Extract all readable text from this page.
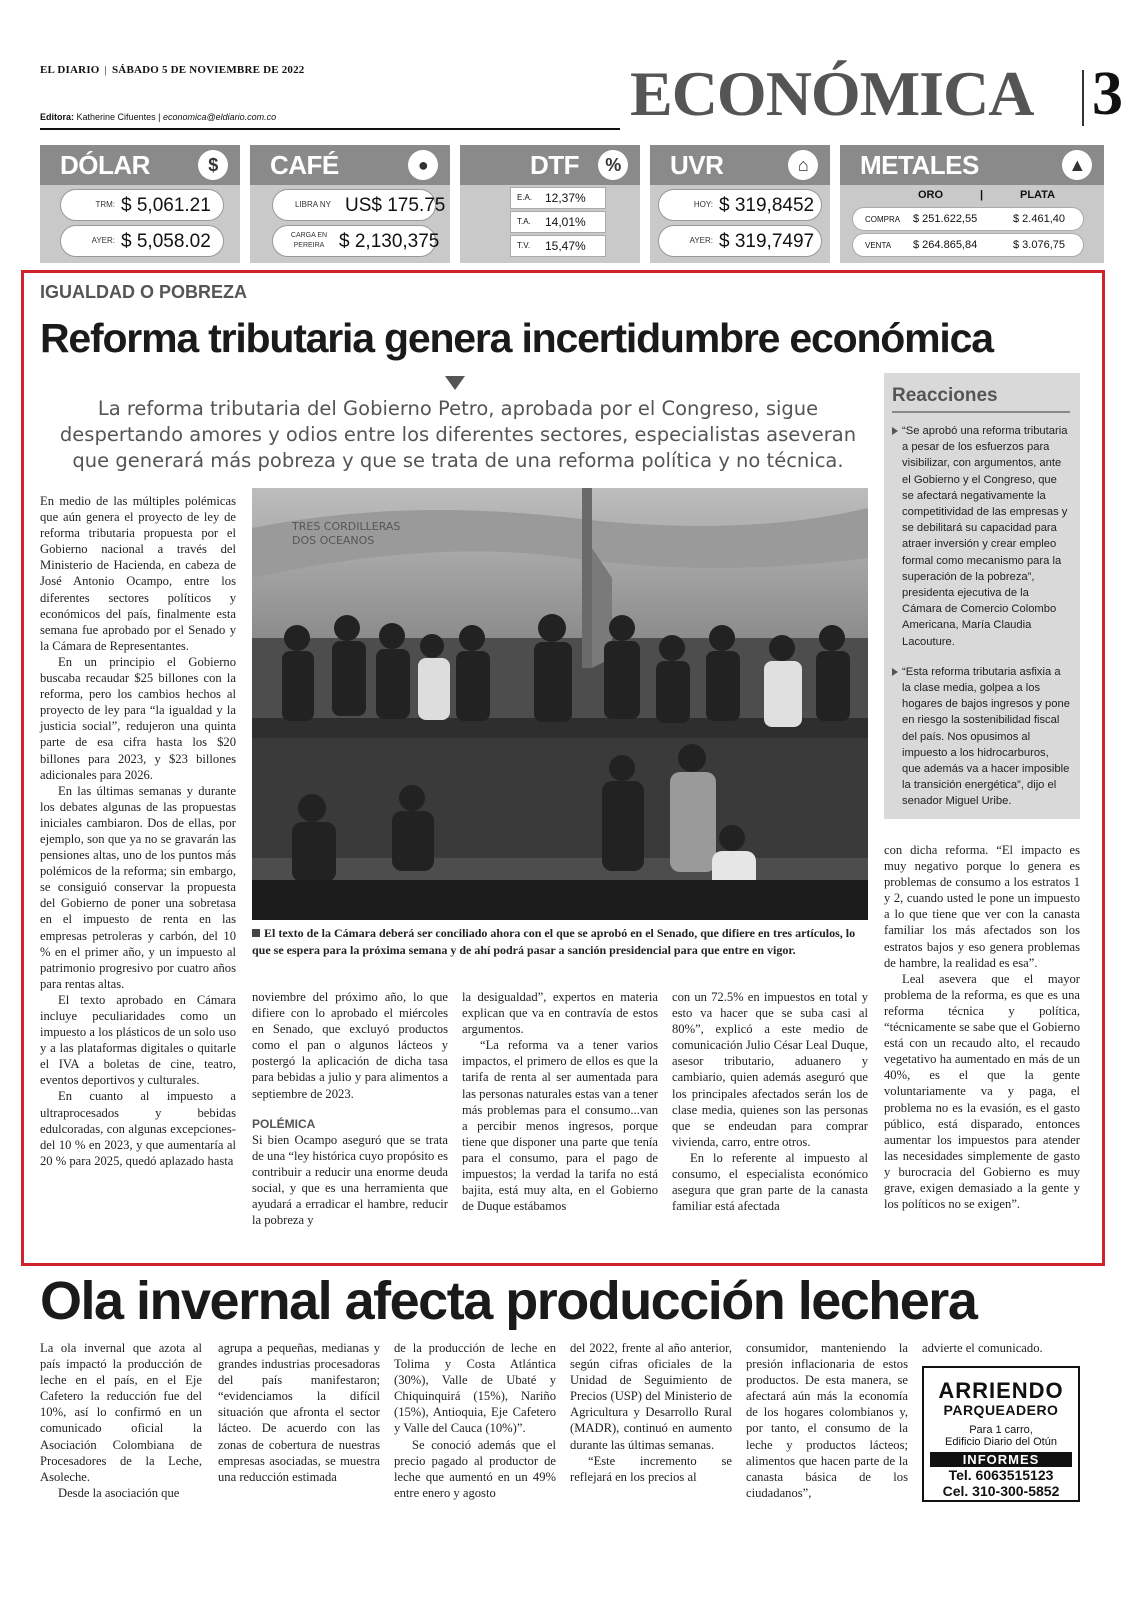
EL DIARIO | SÁBADO 5 DE NOVIEMBRE DE 2022
Editora: Katherine Cifuentes | economica@eldiario.com.co	ECONÓMICA 3
DÓLAR	$
TRM: $ 5,061.21
AYER: $ 5,058.02
CAFÉ	●
LIBRA NY US$ 175.75
CARGA EN PEREIRA $ 2,130,375
DTF	%
E.A. 12,37%
T.A. 14,01%
T.V. 15,47%
UVR	⌂
HOY: $ 319,8452
AYER: $ 319,7497
METALES	▲
ORO	|	PLATA
COMPRA $ 251.622,55	$ 2.461,40
VENTA $ 264.865,84	$ 3.076,75
IGUALDAD O POBREZA
Reforma tributaria genera incertidumbre económica
La reforma tributaria del Gobierno Petro, aprobada por el Congreso, sigue despertando amores y odios entre los diferentes sectores, especialistas aseveran que generará más pobreza y que se trata de una reforma política y no técnica.
Reacciones

“Se aprobó una reforma tributaria a pesar de los esfuerzos para visibilizar, con argumentos, ante el Gobierno y el Congreso, que se afectará negativamente la competitividad de las empresas y se debilitará su capacidad para atraer inversión y crear empleo formal como mecanismo para la superación de la pobreza”, presidenta ejecutiva de la Cámara de Comercio Colombo Americana, María Claudia Lacouture.

“Esta reforma tributaria asfixia a la clase media, golpea a los hogares de bajos ingresos y pone en riesgo la sostenibilidad fiscal del país. Nos opusimos al impuesto a los hidrocarburos, que además va a hacer imposible la transición energética”, dijo el senador Miguel Uribe.

TRES CORDILLERAS
DOS OCEANOS
El texto de la Cámara deberá ser conciliado ahora con el que se aprobó en el Senado, que difiere en tres artículos, lo que se espera para la próxima semana y de ahí podrá pasar a sanción presidencial para que entre en vigor.

En medio de las múltiples polémicas que aún genera el proyecto de ley de reforma tributaria propuesta por el Gobierno nacional a través del Ministerio de Hacienda, en cabeza de José Antonio Ocampo, entre los diferentes sectores políticos y económicos del país, finalmente esta semana fue aprobado por el Senado y la Cámara de Representantes.

En un principio el Gobierno buscaba recaudar $25 billones con la reforma, pero los cambios hechos al proyecto de ley para “la igualdad y la justicia social”, redujeron una quinta parte de esa cifra hasta los $20 billones para 2023, y $23 billones adicionales para 2026.

En las últimas semanas y durante los debates algunas de las propuestas iniciales cambiaron. Dos de ellas, por ejemplo, son que ya no se gravarán las pensiones altas, uno de los puntos más polémicos de la reforma; sin embargo, se consiguió conservar la propuesta del Gobierno de poner una sobretasa en el impuesto de renta en las empresas petroleras y carbón, del 10 % en el primer año, y un impuesto al patrimonio progresivo por cuatro años para rentas altas.

El texto aprobado en Cámara incluye peculiaridades como un impuesto a los plásticos de un solo uso y a las plataformas digitales o quitarle el IVA a boletas de cine, teatro, eventos deportivos y culturales.

En cuanto al impuesto a ultraprocesados y bebidas edulcoradas, con algunas excepciones- del 10 % en 2023, y que aumentaría al 20 % para 2025, quedó aplazado hasta

noviembre del próximo año, lo que difiere con lo aprobado el miércoles en Senado, que excluyó productos como el pan o algunos lácteos y postergó la aplicación de dicha tasa para bebidas a julio y para alimentos a septiembre de 2023.

POLÉMICA

Si bien Ocampo aseguró que se trata de una “ley histórica cuyo propósito es contribuir a reducir una enorme deuda social, y que es una herramienta que ayudará a erradicar el hambre, reducir la pobreza y

la desigualdad”, expertos en materia explican que va en contravía de estos argumentos.

“La reforma va a tener varios impactos, el primero de ellos es que la tarifa de renta al ser aumentada para las personas naturales estas van a tener más problemas para el consumo...van a percibir menos ingresos, porque tiene que disponer una parte que tenía para el consumo, para el pago de impuestos; la verdad la tarifa no está bajita, está muy alta, en el Gobierno de Duque estábamos

con un 72.5% en impuestos en total y esto va hacer que se suba casi al 80%”, explicó a este medio de comunicación Julio César Leal Duque, asesor tributario, aduanero y cambiario, quien además aseguró que los principales afectados serán los de clase media, quienes son las personas que se endeudan para comprar vivienda, carro, entre otros.

En lo referente al impuesto al consumo, el especialista económico asegura que gran parte de la canasta familiar está afectada

con dicha reforma. “El impacto es muy negativo porque lo genera es problemas de consumo a los estratos 1 y 2, cuando usted le pone un impuesto a lo que tiene que ver con la canasta familiar los más afectados son los estratos bajos y eso genera problemas de hambre, la realidad es esa”.

Leal asevera que el mayor problema de la reforma, es que es una reforma técnica y política, “técnicamente se sabe que el Gobierno está con un recaudo alto, el recaudo vegetativo ha aumentado en más de un 40%, es el que la gente voluntariamente va y paga, el problema no es la evasión, es el gasto público, está disparado, entonces aumentar los impuestos para atender las necesidades simplemente de gasto y burocracia del Gobierno es muy grave, exigen demasiado a la gente y los políticos no se exigen”.

Ola invernal afecta producción lechera

La ola invernal que azota al país impactó la producción de leche en el país, en el Eje Cafetero la reducción fue del 10%, así lo confirmó en un comunicado oficial la Asociación Colombiana de Procesadores de la Leche, Asoleche.

Desde la asociación que

agrupa a pequeñas, medianas y grandes industrias procesadoras del país manifestaron; “evidenciamos la difícil situación que afronta el sector lácteo. De acuerdo con las zonas de cobertura de nuestras empresas asociadas, se muestra una reducción estimada

de la producción de leche en Tolima y Costa Atlántica (30%), Valle de Ubaté y Chiquinquirá (15%), Nariño (15%), Antioquia, Eje Cafetero y Valle del Cauca (10%)”.

Se conoció además que el precio pagado al productor de leche que aumentó en un 49% entre enero y agosto

del 2022, frente al año anterior, según cifras oficiales de la Unidad de Seguimiento de Precios (USP) del Ministerio de Agricultura y Desarrollo Rural (MADR), continuó en aumento durante las últimas semanas.

“Este incremento se reflejará en los precios al

consumidor, manteniendo la presión inflacionaria de estos productos. De esta manera, se afectará aún más la economía de los hogares colombianos y, por tanto, el consumo de la leche y productos lácteos; alimentos que hacen parte de la canasta básica de los ciudadanos”,

advierte el comunicado.

ARRIENDO
PARQUEADERO
Para 1 carro,
Edificio Diario del Otún
INFORMES
Tel. 6063515123
Cel. 310-300-5852
